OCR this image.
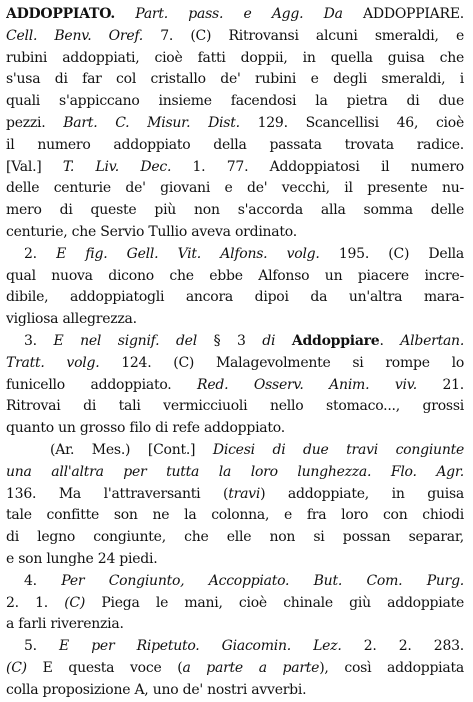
ADDOPPIATO. Part. pass. e Agg. Da ADDOPPIARE.
Cell. Benv. Oref. 7. (C) Ritrovansi alcuni smeraldi, e
rubini addoppiati, cioè fatti doppii, in quella guisa che
s'usa di far col cristallo de' rubini e degli smeraldi, i
quali s'appiccano insieme facendosi la pietra di due
pezzi. Bart. C. Misur. Dist. 129. Scancellisi 46, cioè
il numero addoppiato della passata trovata radice.
[Val.] T. Liv. Dec. 1. 77. Addoppiatosi il numero
delle centurie de' giovani e de' vecchi, il presente nu-
mero di queste più non s'accorda alla somma delle
centurie, che Servio Tullio aveva ordinato.
2. E fig. Gell. Vit. Alfons. volg. 195. (C) Della
qual nuova dicono che ebbe Alfonso un piacere incre-
dibile, addoppiatogli ancora dipoi da un'altra mara-
vigliosa allegrezza.
3. E nel signif. del § 3 di Addoppiare. Albertan.
Tratt. volg. 124. (C) Malagevolmente si rompe lo
funicello addoppiato. Red. Osserv. Anim. viv. 21.
Ritrovai di tali vermicciuoli nello stomaco..., grossi
quanto un grosso filo di refe addoppiato.
(Ar. Mes.) [Cont.] Dicesi di due travi congiunte
una all'altra per tutta la loro lunghezza. Flo. Agr.
136. Ma l'attraversanti (travi) addoppiate, in guisa
tale confitte son ne la colonna, e fra loro con chiodi
di legno congiunte, che elle non si possan separar,
e son lunghe 24 piedi.
4. Per Congiunto, Accoppiato. But. Com. Purg.
2. 1. (C) Piega le mani, cioè chinale giù addoppiate
a farli riverenzia.
5. E per Ripetuto. Giacomin. Lez. 2. 2. 283.
(C) E questa voce (a parte a parte), così addoppiata
colla proposizione A, uno de' nostri avverbi.
